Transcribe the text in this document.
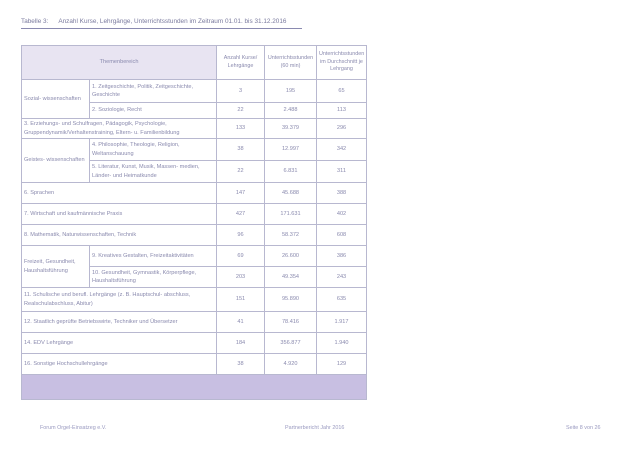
Tabelle 3: Anzahl Kurse, Lehrgänge, Unterrichtsstunden im Zeitraum 01.01. bis 31.12.2016
Themenbereich		Anzahl Kurse/ Lehrgänge	Unterrichtsstunden (60 min)	Unterrichtsstunden im Durchschnitt je Lehrgang
Sozial- wissenschaften	1. Zeitgeschichte, Politik, Zeitgeschichte, Geschichte	3	195	65
	2. Soziologie, Recht	22	2.488	113
3. Erziehungs- und Schulfragen, Pädagogik, Psychologie, Gruppendynamik/Verhaltenstraining, Eltern- u. Familienbildung		133	39.379	296
Geistes- wissenschaften	4. Philosophie, Theologie, Religion, Weltanschauung	38	12.997	342
	5. Literatur, Kunst, Musik, Massen- medien, Länder- und Heimatkunde	22	6.831	311
6. Sprachen		147	45.688	388
7. Wirtschaft und kaufmännische Praxis		427	171.631	402
8. Mathematik, Naturwissenschaften, Technik		96	58.372	608
Freizeit, Gesundheit, Haushaltsführung	9. Kreatives Gestalten, Freizeitaktivitäten	69	26.600	386
	10. Gesundheit, Gymnastik, Körperpflege, Haushaltsführung	203	49.354	243
11. Schulische und berufl. Lehrgänge (z. B. Hauptschul- abschluss, Realschulabschluss, Abitur)		151	95.890	635
12. Staatlich geprüfte Betriebswirte, Techniker und Übersetzer		41	78.416	1.917
14. EDV Lehrgänge		184	356.877	1.940
16. Sonstige Hochschullehrgänge		38	4.920	129

Forum Orgel-Einsatzeg e.V.	Partnerbericht Jahr 2016	Seite 8 von 26
